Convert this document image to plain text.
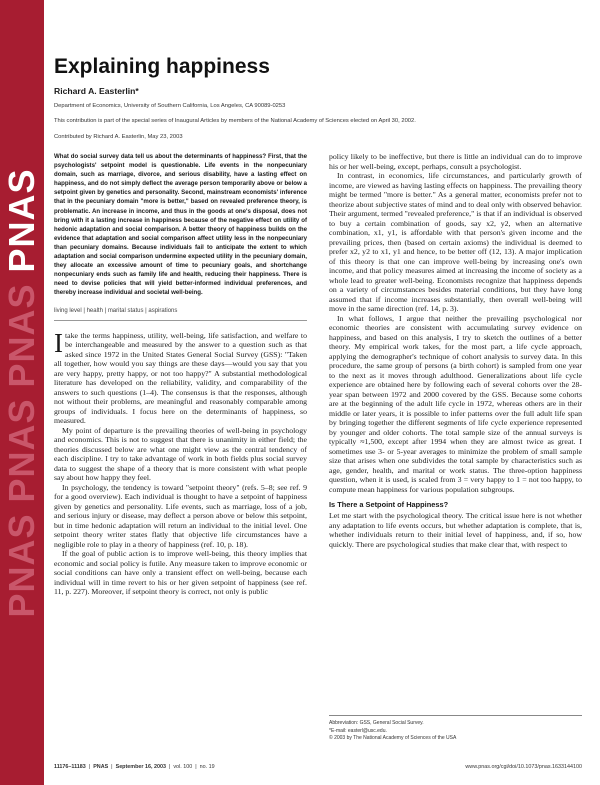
PNAS PNAS PNAS PNAS
Explaining happiness
Richard A. Easterlin*
Department of Economics, University of Southern California, Los Angeles, CA 90089-0253
This contribution is part of the special series of Inaugural Articles by members of the National Academy of Sciences elected on April 30, 2002.
Contributed by Richard A. Easterlin, May 23, 2003

What do social survey data tell us about the determinants of happiness? First, that the psychologists' setpoint model is questionable. Life events in the nonpecuniary domain, such as marriage, divorce, and serious disability, have a lasting effect on happiness, and do not simply deflect the average person temporarily above or below a setpoint given by genetics and personality. Second, mainstream economists' inference that in the pecuniary domain "more is better," based on revealed preference theory, is problematic. An increase in income, and thus in the goods at one's disposal, does not bring with it a lasting increase in happiness because of the negative effect on utility of hedonic adaptation and social comparison. A better theory of happiness builds on the evidence that adaptation and social comparison affect utility less in the nonpecuniary than pecuniary domains. Because individuals fail to anticipate the extent to which adaptation and social comparison undermine expected utility in the pecuniary domain, they allocate an excessive amount of time to pecuniary goals, and shortchange nonpecuniary ends such as family life and health, reducing their happiness. There is need to devise policies that will yield better-informed individual preferences, and thereby increase individual and societal well-being.

living level | health | marital status | aspirations

Itake the terms happiness, utility, well-being, life satisfaction, and welfare to be interchangeable and measured by the answer to a question such as that asked since 1972 in the United States General Social Survey (GSS): "Taken all together, how would you say things are these days—would you say that you are very happy, pretty happy, or not too happy?" A substantial methodological literature has developed on the reliability, validity, and comparability of the answers to such questions (1–4). The consensus is that the responses, although not without their problems, are meaningful and reasonably comparable among groups of individuals. I focus here on the determinants of happiness, so measured.

My point of departure is the prevailing theories of well-being in psychology and economics. This is not to suggest that there is unanimity in either field; the theories discussed below are what one might view as the central tendency of each discipline. I try to take advantage of work in both fields plus social survey data to suggest the shape of a theory that is more consistent with what people say about how happy they feel.

In psychology, the tendency is toward "setpoint theory" (refs. 5–8; see ref. 9 for a good overview). Each individual is thought to have a setpoint of happiness given by genetics and personality. Life events, such as marriage, loss of a job, and serious injury or disease, may deflect a person above or below this setpoint, but in time hedonic adaptation will return an individual to the initial level. One setpoint theory writer states flatly that objective life circumstances have a negligible role to play in a theory of happiness (ref. 10, p. 18).

If the goal of public action is to improve well-being, this theory implies that economic and social policy is futile. Any measure taken to improve economic or social conditions can have only a transient effect on well-being, because each individual will in time revert to his or her given setpoint of happiness (see ref. 11, p. 227). Moreover, if setpoint theory is correct, not only is public

policy likely to be ineffective, but there is little an individual can do to improve his or her well-being, except, perhaps, consult a psychologist.

In contrast, in economics, life circumstances, and particularly growth of income, are viewed as having lasting effects on happiness. The prevailing theory might be termed "more is better." As a general matter, economists prefer not to theorize about subjective states of mind and to deal only with observed behavior. Their argument, termed "revealed preference," is that if an individual is observed to buy a certain combination of goods, say x2, y2, when an alternative combination, x1, y1, is affordable with that person's given income and the prevailing prices, then (based on certain axioms) the individual is deemed to prefer x2, y2 to x1, y1 and hence, to be better off (12, 13). A major implication of this theory is that one can improve well-being by increasing one's own income, and that policy measures aimed at increasing the income of society as a whole lead to greater well-being. Economists recognize that happiness depends on a variety of circumstances besides material conditions, but they have long assumed that if income increases substantially, then overall well-being will move in the same direction (ref. 14, p. 3).

In what follows, I argue that neither the prevailing psychological nor economic theories are consistent with accumulating survey evidence on happiness, and based on this analysis, I try to sketch the outlines of a better theory. My empirical work takes, for the most part, a life cycle approach, applying the demographer's technique of cohort analysis to survey data. In this procedure, the same group of persons (a birth cohort) is sampled from one year to the next as it moves through adulthood. Generalizations about life cycle experience are obtained here by following each of several cohorts over the 28-year span between 1972 and 2000 covered by the GSS. Because some cohorts are at the beginning of the adult life cycle in 1972, whereas others are in their middle or later years, it is possible to infer patterns over the full adult life span by bringing together the different segments of life cycle experience represented by younger and older cohorts. The total sample size of the annual surveys is typically ≈1,500, except after 1994 when they are almost twice as great. I sometimes use 3- or 5-year averages to minimize the problem of small sample size that arises when one subdivides the total sample by characteristics such as age, gender, health, and marital or work status. The three-option happiness question, when it is used, is scaled from 3 = very happy to 1 = not too happy, to compute mean happiness for various population subgroups.

Is There a Setpoint of Happiness?

Let me start with the psychological theory. The critical issue here is not whether any adaptation to life events occurs, but whether adaptation is complete, that is, whether individuals return to their initial level of happiness, and, if so, how quickly. There are psychological studies that make clear that, with respect to

Abbreviation: GSS, General Social Survey.
*E-mail: easterl@usc.edu.
© 2003 by The National Academy of Sciences of the USA
11176–11183  |  PNAS  |  September 16, 2003  |  vol. 100  |  no. 19	www.pnas.org/cgi/doi/10.1073/pnas.1633144100
